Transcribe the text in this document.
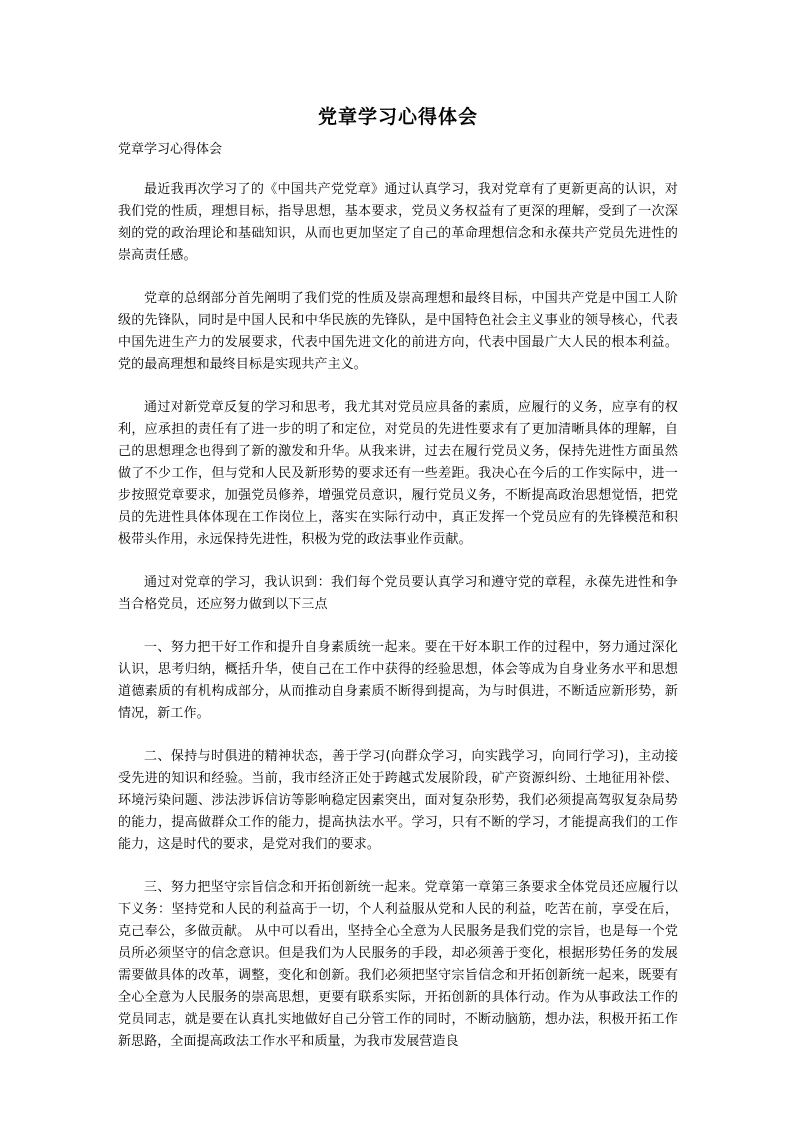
党章学习心得体会

党章学习心得体会

最近我再次学习了的《中国共产党党章》通过认真学习，我对党章有了更新更高的认识，对我们党的性质，理想目标，指导思想，基本要求，党员义务权益有了更深的理解，受到了一次深刻的党的政治理论和基础知识，从而也更加坚定了自己的革命理想信念和永葆共产党员先进性的崇高责任感。

党章的总纲部分首先阐明了我们党的性质及崇高理想和最终目标，中国共产党是中国工人阶级的先锋队，同时是中国人民和中华民族的先锋队，是中国特色社会主义事业的领导核心，代表中国先进生产力的发展要求，代表中国先进文化的前进方向，代表中国最广大人民的根本利益。党的最高理想和最终目标是实现共产主义。

通过对新党章反复的学习和思考，我尤其对党员应具备的素质，应履行的义务，应享有的权利，应承担的责任有了进一步的明了和定位，对党员的先进性要求有了更加清晰具体的理解，自己的思想理念也得到了新的激发和升华。从我来讲，过去在履行党员义务，保持先进性方面虽然做了不少工作，但与党和人民及新形势的要求还有一些差距。我决心在今后的工作实际中，进一步按照党章要求，加强党员修养，增强党员意识，履行党员义务，不断提高政治思想觉悟，把党员的先进性具体体现在工作岗位上，落实在实际行动中，真正发挥一个党员应有的先锋模范和积极带头作用，永远保持先进性，积极为党的政法事业作贡献。

通过对党章的学习，我认识到：我们每个党员要认真学习和遵守党的章程，永葆先进性和争当合格党员，还应努力做到以下三点

一、努力把干好工作和提升自身素质统一起来。要在干好本职工作的过程中，努力通过深化认识，思考归纳，概括升华，使自己在工作中获得的经验思想，体会等成为自身业务水平和思想道德素质的有机构成部分，从而推动自身素质不断得到提高，为与时俱进，不断适应新形势，新情况，新工作。

二、保持与时俱进的精神状态，善于学习(向群众学习，向实践学习，向同行学习)，主动接受先进的知识和经验。当前，我市经济正处于跨越式发展阶段，矿产资源纠纷、土地征用补偿、环境污染问题、涉法涉诉信访等影响稳定因素突出，面对复杂形势，我们必须提高驾驭复杂局势的能力，提高做群众工作的能力，提高执法水平。学习，只有不断的学习，才能提高我们的工作能力，这是时代的要求，是党对我们的要求。

三、努力把坚守宗旨信念和开拓创新统一起来。党章第一章第三条要求全体党员还应履行以下义务：坚持党和人民的利益高于一切，个人利益服从党和人民的利益，吃苦在前，享受在后，克己奉公，多做贡献。 从中可以看出，坚持全心全意为人民服务是我们党的宗旨，也是每一个党员所必须坚守的信念意识。但是我们为人民服务的手段，却必须善于变化，根据形势任务的发展需要做具体的改革，调整，变化和创新。我们必须把坚守宗旨信念和开拓创新统一起来，既要有全心全意为人民服务的崇高思想，更要有联系实际，开拓创新的具体行动。作为从事政法工作的党员同志，就是要在认真扎实地做好自己分管工作的同时，不断动脑筋，想办法，积极开拓工作新思路，全面提高政法工作水平和质量，为我市发展营造良
